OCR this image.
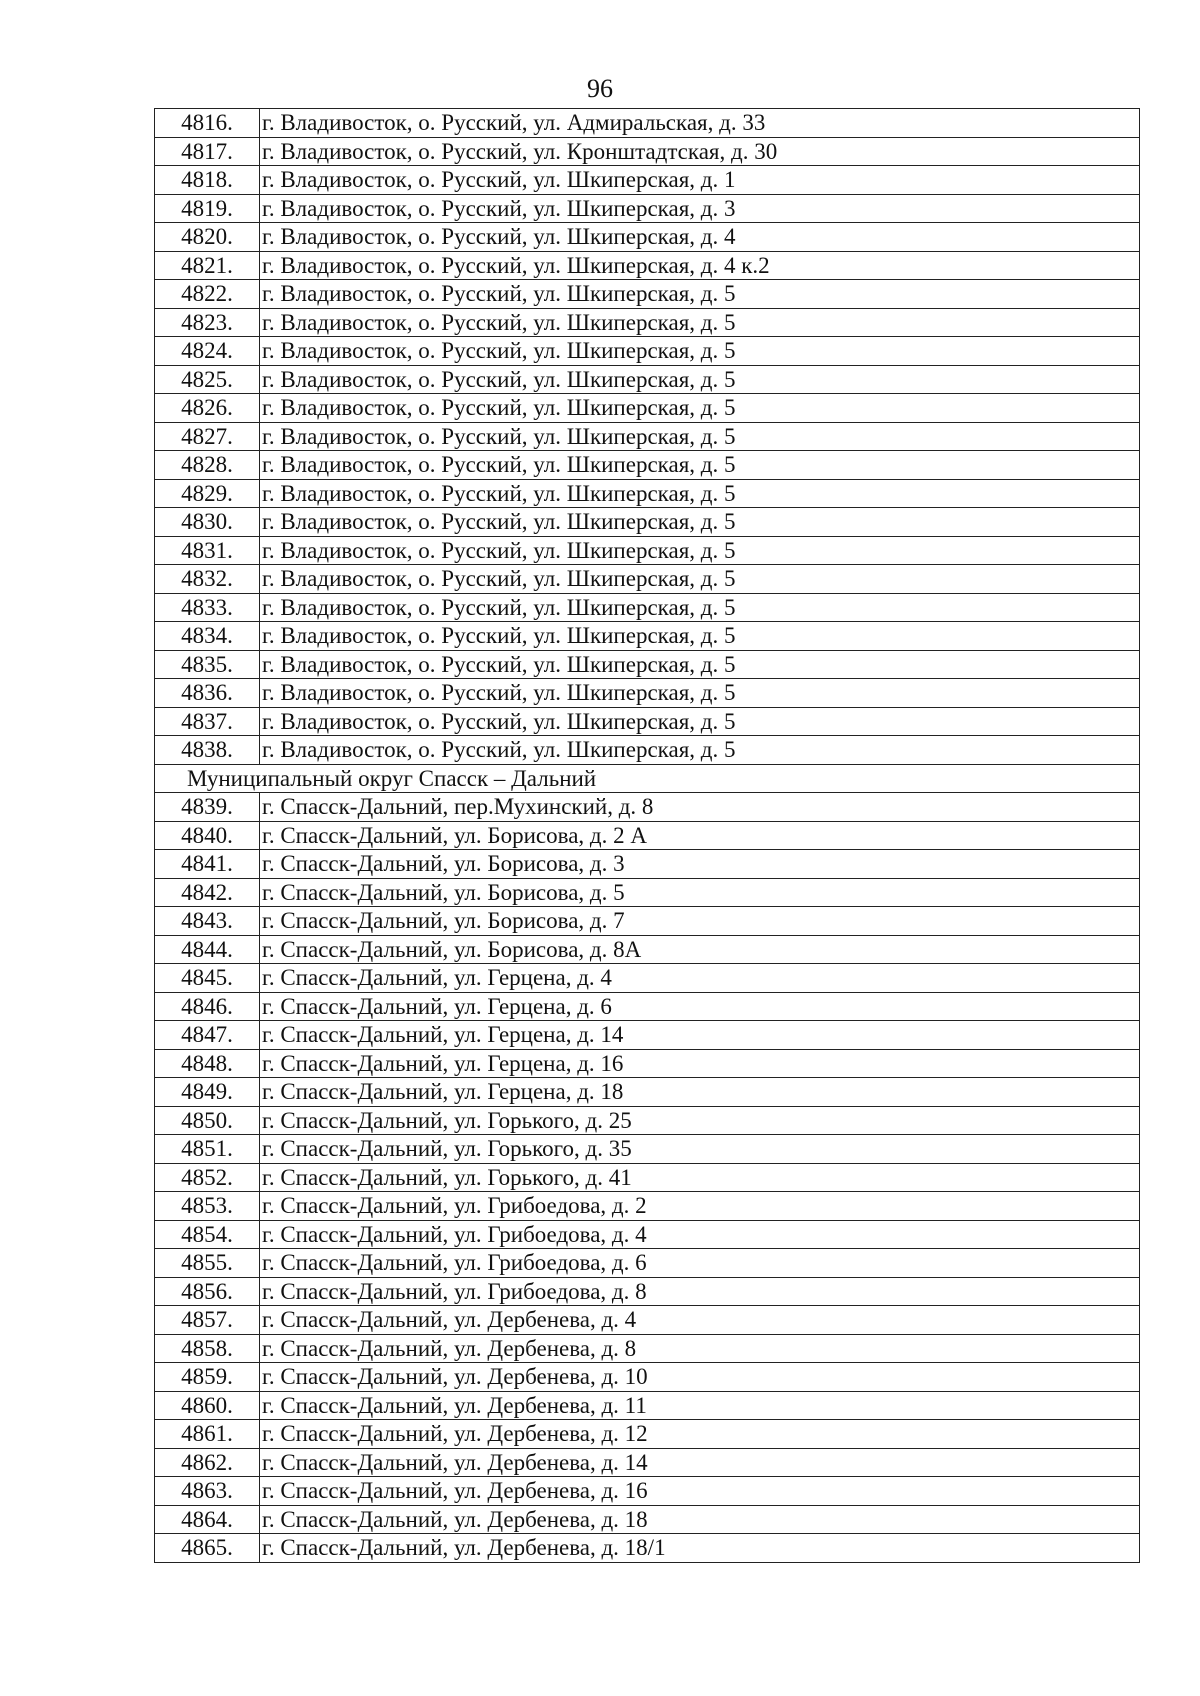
96
4816.	г. Владивосток, о. Русский, ул. Адмиральская, д. 33
4817.	г. Владивосток, о. Русский, ул. Кронштадтская, д. 30
4818.	г. Владивосток, о. Русский, ул. Шкиперская, д. 1
4819.	г. Владивосток, о. Русский, ул. Шкиперская, д. 3
4820.	г. Владивосток, о. Русский, ул. Шкиперская, д. 4
4821.	г. Владивосток, о. Русский, ул. Шкиперская, д. 4 к.2
4822.	г. Владивосток, о. Русский, ул. Шкиперская, д. 5
4823.	г. Владивосток, о. Русский, ул. Шкиперская, д. 5
4824.	г. Владивосток, о. Русский, ул. Шкиперская, д. 5
4825.	г. Владивосток, о. Русский, ул. Шкиперская, д. 5
4826.	г. Владивосток, о. Русский, ул. Шкиперская, д. 5
4827.	г. Владивосток, о. Русский, ул. Шкиперская, д. 5
4828.	г. Владивосток, о. Русский, ул. Шкиперская, д. 5
4829.	г. Владивосток, о. Русский, ул. Шкиперская, д. 5
4830.	г. Владивосток, о. Русский, ул. Шкиперская, д. 5
4831.	г. Владивосток, о. Русский, ул. Шкиперская, д. 5
4832.	г. Владивосток, о. Русский, ул. Шкиперская, д. 5
4833.	г. Владивосток, о. Русский, ул. Шкиперская, д. 5
4834.	г. Владивосток, о. Русский, ул. Шкиперская, д. 5
4835.	г. Владивосток, о. Русский, ул. Шкиперская, д. 5
4836.	г. Владивосток, о. Русский, ул. Шкиперская, д. 5
4837.	г. Владивосток, о. Русский, ул. Шкиперская, д. 5
4838.	г. Владивосток, о. Русский, ул. Шкиперская, д. 5
Муниципальный округ Спасск – Дальний	
4839.	г. Спасск-Дальний, пер.Мухинский, д. 8
4840.	г. Спасск-Дальний, ул. Борисова, д. 2 А
4841.	г. Спасск-Дальний, ул. Борисова, д. 3
4842.	г. Спасск-Дальний, ул. Борисова, д. 5
4843.	г. Спасск-Дальний, ул. Борисова, д. 7
4844.	г. Спасск-Дальний, ул. Борисова, д. 8А
4845.	г. Спасск-Дальний, ул. Герцена, д. 4
4846.	г. Спасск-Дальний, ул. Герцена, д. 6
4847.	г. Спасск-Дальний, ул. Герцена, д. 14
4848.	г. Спасск-Дальний, ул. Герцена, д. 16
4849.	г. Спасск-Дальний, ул. Герцена, д. 18
4850.	г. Спасск-Дальний, ул. Горького, д. 25
4851.	г. Спасск-Дальний, ул. Горького, д. 35
4852.	г. Спасск-Дальний, ул. Горького, д. 41
4853.	г. Спасск-Дальний, ул. Грибоедова, д. 2
4854.	г. Спасск-Дальний, ул. Грибоедова, д. 4
4855.	г. Спасск-Дальний, ул. Грибоедова, д. 6
4856.	г. Спасск-Дальний, ул. Грибоедова, д. 8
4857.	г. Спасск-Дальний, ул. Дербенева, д. 4
4858.	г. Спасск-Дальний, ул. Дербенева, д. 8
4859.	г. Спасск-Дальний, ул. Дербенева, д. 10
4860.	г. Спасск-Дальний, ул. Дербенева, д. 11
4861.	г. Спасск-Дальний, ул. Дербенева, д. 12
4862.	г. Спасск-Дальний, ул. Дербенева, д. 14
4863.	г. Спасск-Дальний, ул. Дербенева, д. 16
4864.	г. Спасск-Дальний, ул. Дербенева, д. 18
4865.	г. Спасск-Дальний, ул. Дербенева, д. 18/1
